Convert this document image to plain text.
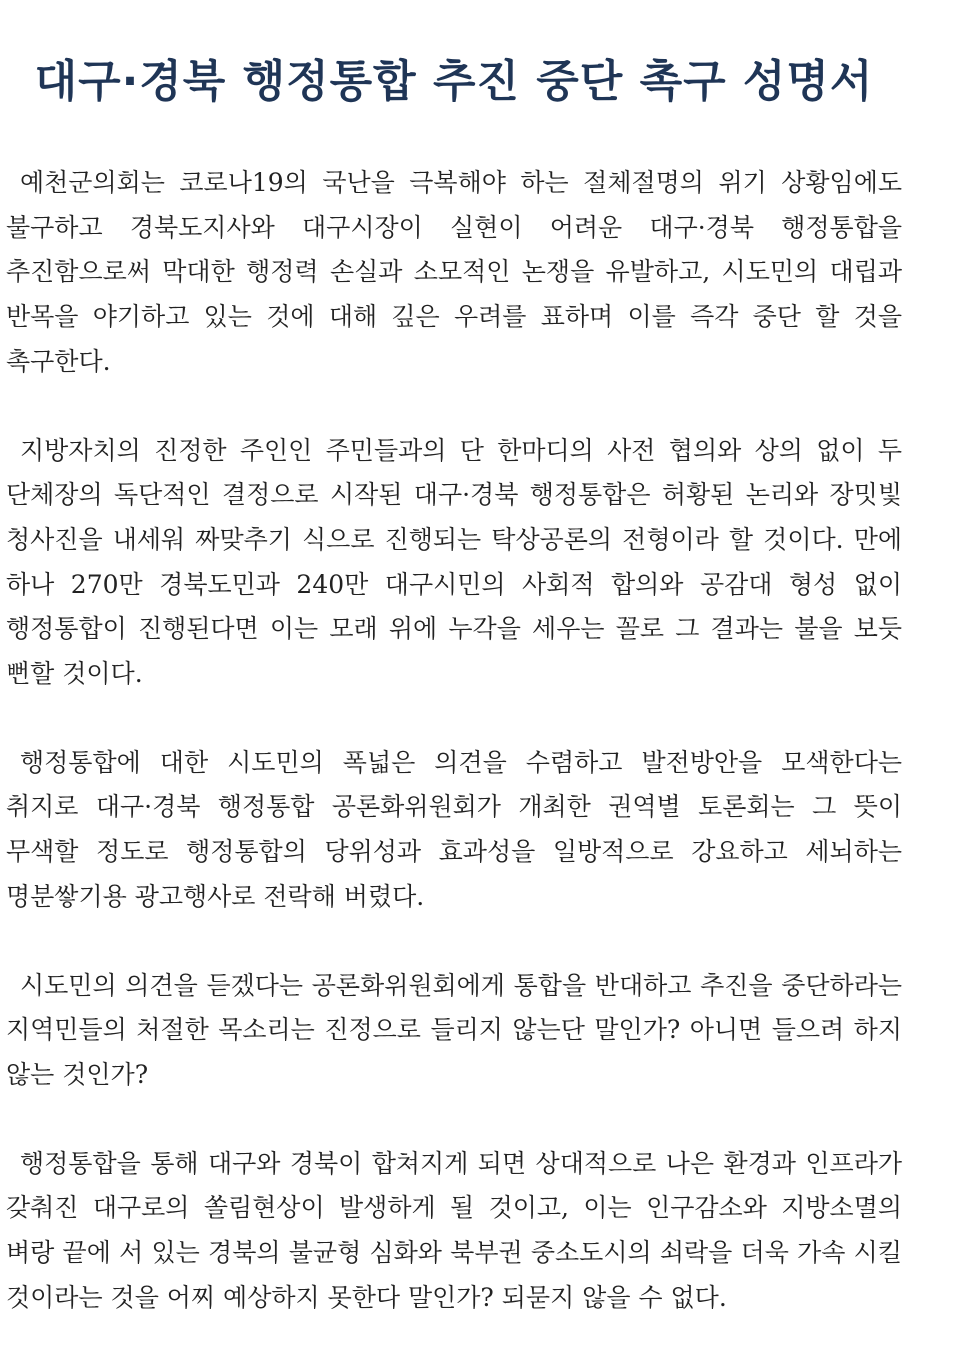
대구·경북 행정통합 추진 중단 촉구 성명서

예천군의회는 코로나19의 국난을 극복해야 하는 절체절명의 위기 상황임에도 불구하고 경북도지사와 대구시장이 실현이 어려운 대구·경북 행정통합을 추진함으로써 막대한 행정력 손실과 소모적인 논쟁을 유발하고, 시도민의 대립과 반목을 야기하고 있는 것에 대해 깊은 우려를 표하며 이를 즉각 중단 할 것을 촉구한다.

지방자치의 진정한 주인인 주민들과의 단 한마디의 사전 협의와 상의 없이 두 단체장의 독단적인 결정으로 시작된 대구·경북 행정통합은 허황된 논리와 장밋빛 청사진을 내세워 짜맞추기 식으로 진행되는 탁상공론의 전형이라 할 것이다. 만에 하나 270만 경북도민과 240만 대구시민의 사회적 합의와 공감대 형성 없이 행정통합이 진행된다면 이는 모래 위에 누각을 세우는 꼴로 그 결과는 불을 보듯 뻔할 것이다.

행정통합에 대한 시도민의 폭넓은 의견을 수렴하고 발전방안을 모색한다는 취지로 대구·경북 행정통합 공론화위원회가 개최한 권역별 토론회는 그 뜻이 무색할 정도로 행정통합의 당위성과 효과성을 일방적으로 강요하고 세뇌하는 명분쌓기용 광고행사로 전락해 버렸다.

시도민의 의견을 듣겠다는 공론화위원회에게 통합을 반대하고 추진을 중단하라는 지역민들의 처절한 목소리는 진정으로 들리지 않는단 말인가? 아니면 들으려 하지 않는 것인가?

행정통합을 통해 대구와 경북이 합쳐지게 되면 상대적으로 나은 환경과 인프라가 갖춰진 대구로의 쏠림현상이 발생하게 될 것이고, 이는 인구감소와 지방소멸의 벼랑 끝에 서 있는 경북의 불균형 심화와 북부권 중소도시의 쇠락을 더욱 가속 시킬 것이라는 것을 어찌 예상하지 못한다 말인가? 되묻지 않을 수 없다.
